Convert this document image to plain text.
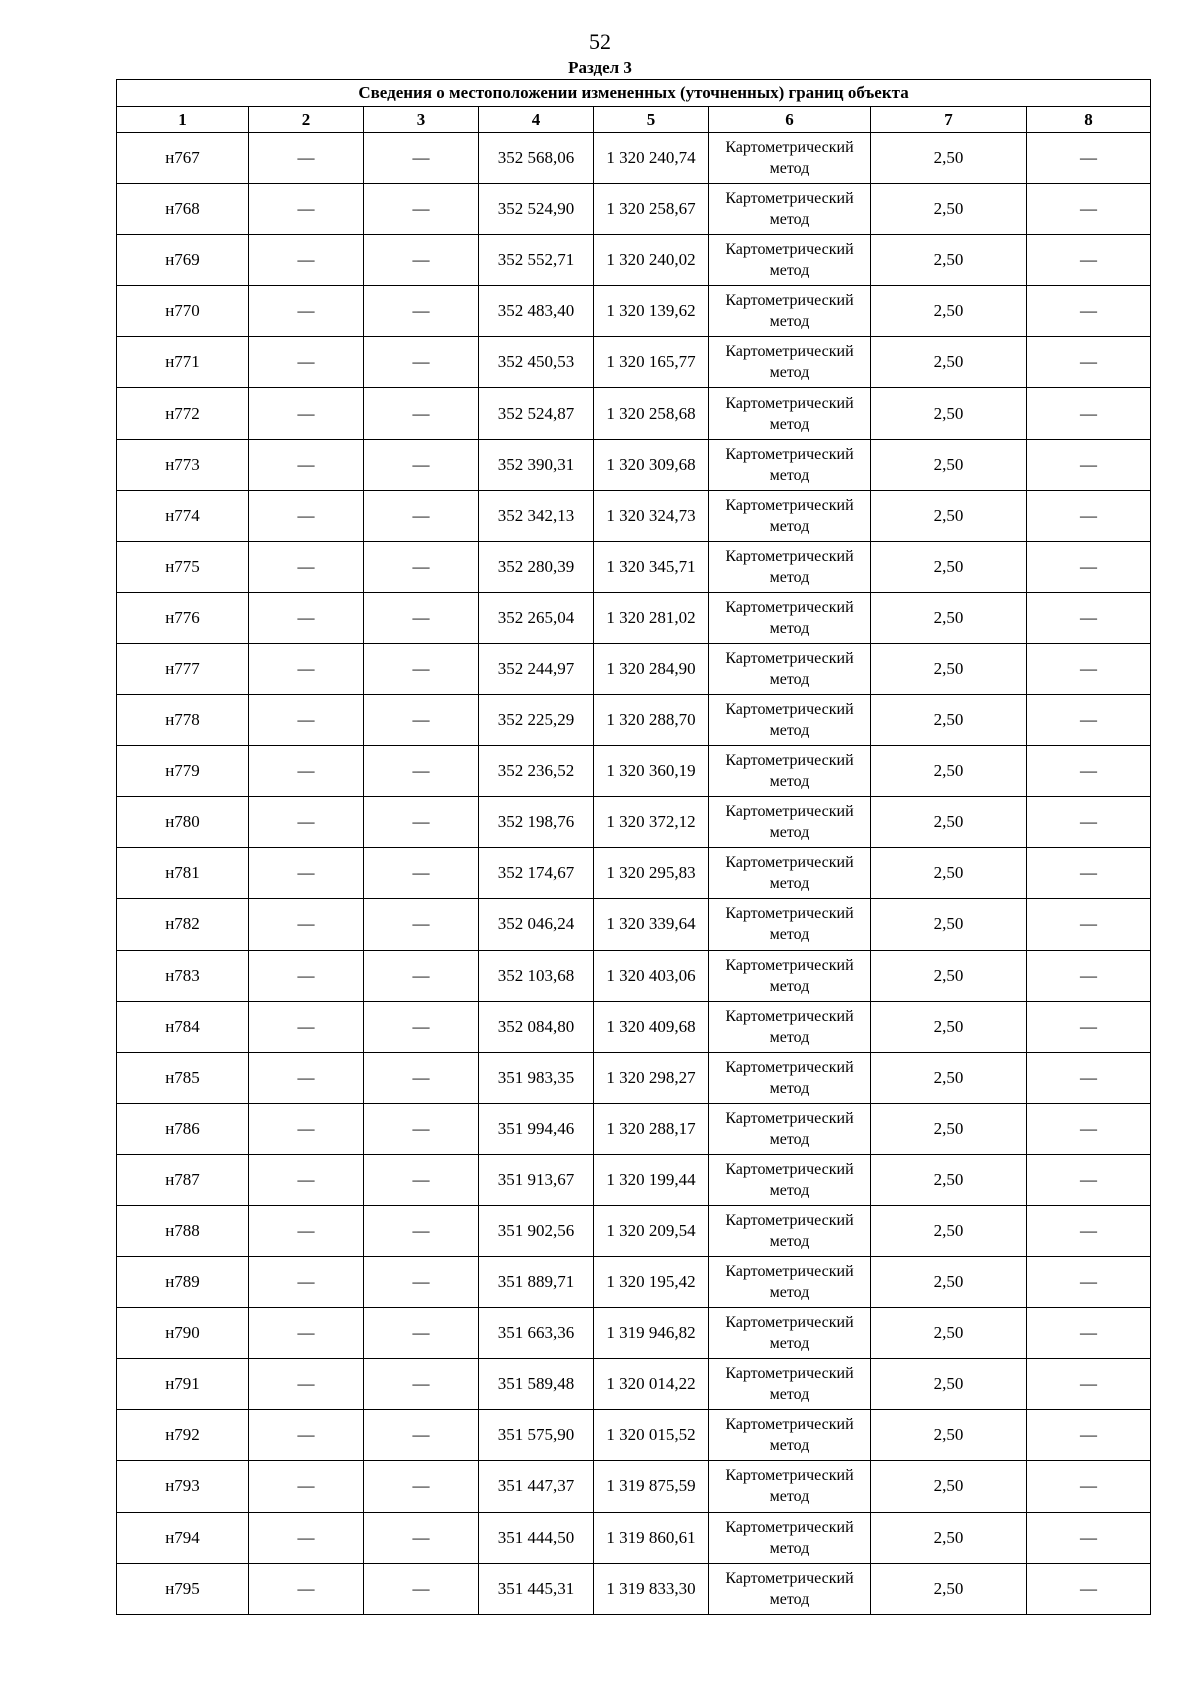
52
Раздел 3
Сведения о местоположении измененных (уточненных) границ объекта							
1	2	3	4	5	6	7	8
н767	—	—	352 568,06	1 320 240,74	Картометрический метод	2,50	—
н768	—	—	352 524,90	1 320 258,67	Картометрический метод	2,50	—
н769	—	—	352 552,71	1 320 240,02	Картометрический метод	2,50	—
н770	—	—	352 483,40	1 320 139,62	Картометрический метод	2,50	—
н771	—	—	352 450,53	1 320 165,77	Картометрический метод	2,50	—
н772	—	—	352 524,87	1 320 258,68	Картометрический метод	2,50	—
н773	—	—	352 390,31	1 320 309,68	Картометрический метод	2,50	—
н774	—	—	352 342,13	1 320 324,73	Картометрический метод	2,50	—
н775	—	—	352 280,39	1 320 345,71	Картометрический метод	2,50	—
н776	—	—	352 265,04	1 320 281,02	Картометрический метод	2,50	—
н777	—	—	352 244,97	1 320 284,90	Картометрический метод	2,50	—
н778	—	—	352 225,29	1 320 288,70	Картометрический метод	2,50	—
н779	—	—	352 236,52	1 320 360,19	Картометрический метод	2,50	—
н780	—	—	352 198,76	1 320 372,12	Картометрический метод	2,50	—
н781	—	—	352 174,67	1 320 295,83	Картометрический метод	2,50	—
н782	—	—	352 046,24	1 320 339,64	Картометрический метод	2,50	—
н783	—	—	352 103,68	1 320 403,06	Картометрический метод	2,50	—
н784	—	—	352 084,80	1 320 409,68	Картометрический метод	2,50	—
н785	—	—	351 983,35	1 320 298,27	Картометрический метод	2,50	—
н786	—	—	351 994,46	1 320 288,17	Картометрический метод	2,50	—
н787	—	—	351 913,67	1 320 199,44	Картометрический метод	2,50	—
н788	—	—	351 902,56	1 320 209,54	Картометрический метод	2,50	—
н789	—	—	351 889,71	1 320 195,42	Картометрический метод	2,50	—
н790	—	—	351 663,36	1 319 946,82	Картометрический метод	2,50	—
н791	—	—	351 589,48	1 320 014,22	Картометрический метод	2,50	—
н792	—	—	351 575,90	1 320 015,52	Картометрический метод	2,50	—
н793	—	—	351 447,37	1 319 875,59	Картометрический метод	2,50	—
н794	—	—	351 444,50	1 319 860,61	Картометрический метод	2,50	—
н795	—	—	351 445,31	1 319 833,30	Картометрический метод	2,50	—
